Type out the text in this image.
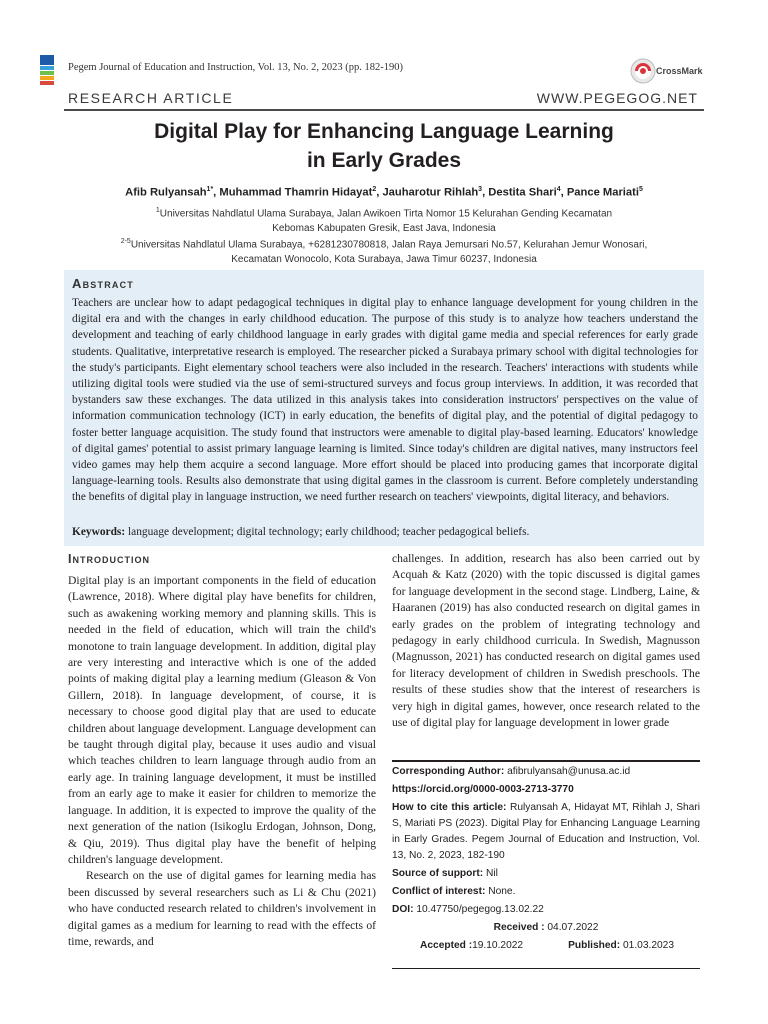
Pegem Journal of Education and Instruction, Vol. 13, No. 2, 2023 (pp. 182-190)	CrossMark
RESEARCH ARTICLE	WWW.PEGEGOG.NET
Digital Play for Enhancing Language Learning
in Early Grades
Afib Rulyansah$^{1*}$, Muhammad Thamrin Hidayat$^2$, Jauharotur Rihlah$^3$, Destita Shari$^4$, Pance Mariati$^5$
$^1$Universitas Nahdlatul Ulama Surabaya, Jalan Awikoen Tirta Nomor 15 Kelurahan Gending Kecamatan
Kebomas Kabupaten Gresik, East Java, Indonesia
$^{2-5}$Universitas Nahdlatul Ulama Surabaya, +6281230780818, Jalan Raya Jemursari No.57, Kelurahan Jemur Wonosari,
Kecamatan Wonocolo, Kota Surabaya, Jawa Timur 60237, Indonesia
Abstract
Teachers are unclear how to adapt pedagogical techniques in digital play to enhance language development for young children in the digital era and with the changes in early childhood education. The purpose of this study is to analyze how teachers understand the development and teaching of early childhood language in early grades with digital game media and special references for early grade students. Qualitative, interpretative research is employed. The researcher picked a Surabaya primary school with digital technologies for the study's participants. Eight elementary school teachers were also included in the research. Teachers' interactions with students while utilizing digital tools were studied via the use of semi-structured surveys and focus group interviews. In addition, it was recorded that bystanders saw these exchanges. The data utilized in this analysis takes into consideration instructors' perspectives on the value of information communication technology (ICT) in early education, the benefits of digital play, and the potential of digital pedagogy to foster better language acquisition. The study found that instructors were amenable to digital play-based learning. Educators' knowledge of digital games' potential to assist primary language learning is limited. Since today's children are digital natives, many instructors feel video games may help them acquire a second language. More effort should be placed into producing games that incorporate digital language-learning tools. Results also demonstrate that using digital games in the classroom is current. Before completely understanding the benefits of digital play in language instruction, we need further research on teachers' viewpoints, digital literacy, and behaviors.
Keywords: language development; digital technology; early childhood; teacher pedagogical beliefs.
Introduction

Digital play is an important components in the field of education (Lawrence, 2018). Where digital play have benefits for children, such as awakening working memory and planning skills. This is needed in the field of education, which will train the child's monotone to train language development. In addition, digital play are very interesting and interactive which is one of the added points of making digital play a learning medium (Gleason & Von Gillern, 2018). In language development, of course, it is necessary to choose good digital play that are used to educate children about language development. Language development can be taught through digital play, because it uses audio and visual which teaches children to learn language through audio from an early age. In training language development, it must be instilled from an early age to make it easier for children to memorize the language. In addition, it is expected to improve the quality of the next generation of the nation (Isikoglu Erdogan, Johnson, Dong, & Qiu, 2019). Thus digital play have the benefit of helping children's language development.

Research on the use of digital games for learning media has been discussed by several researchers such as Li & Chu (2021) who have conducted research related to children's involvement in digital games as a medium for learning to read with the effects of time, rewards, and

challenges. In addition, research has also been carried out by Acquah & Katz (2020) with the topic discussed is digital games for language development in the second stage. Lindberg, Laine, & Haaranen (2019) has also conducted research on digital games in early grades on the problem of integrating technology and pedagogy in early childhood curricula. In Swedish, Magnusson (Magnusson, 2021) has conducted research on digital games used for literacy development of children in Swedish preschools. The results of these studies show that the interest of researchers is very high in digital games, however, once research related to the use of digital play for language development in lower grade

Corresponding Author: afibrulyansah@unusa.ac.id
https://orcid.org/0000-0003-2713-3770
How to cite this article: Rulyansah A, Hidayat MT, Rihlah J, Shari S, Mariati PS (2023). Digital Play for Enhancing Language Learning in Early Grades. Pegem Journal of Education and Instruction, Vol. 13, No. 2, 2023, 182-190
Source of support: Nil
Conflict of interest: None.
DOI: 10.47750/pegegog.13.02.22
Received : 04.07.2022
Accepted :19.10.2022	Published: 01.03.2023
